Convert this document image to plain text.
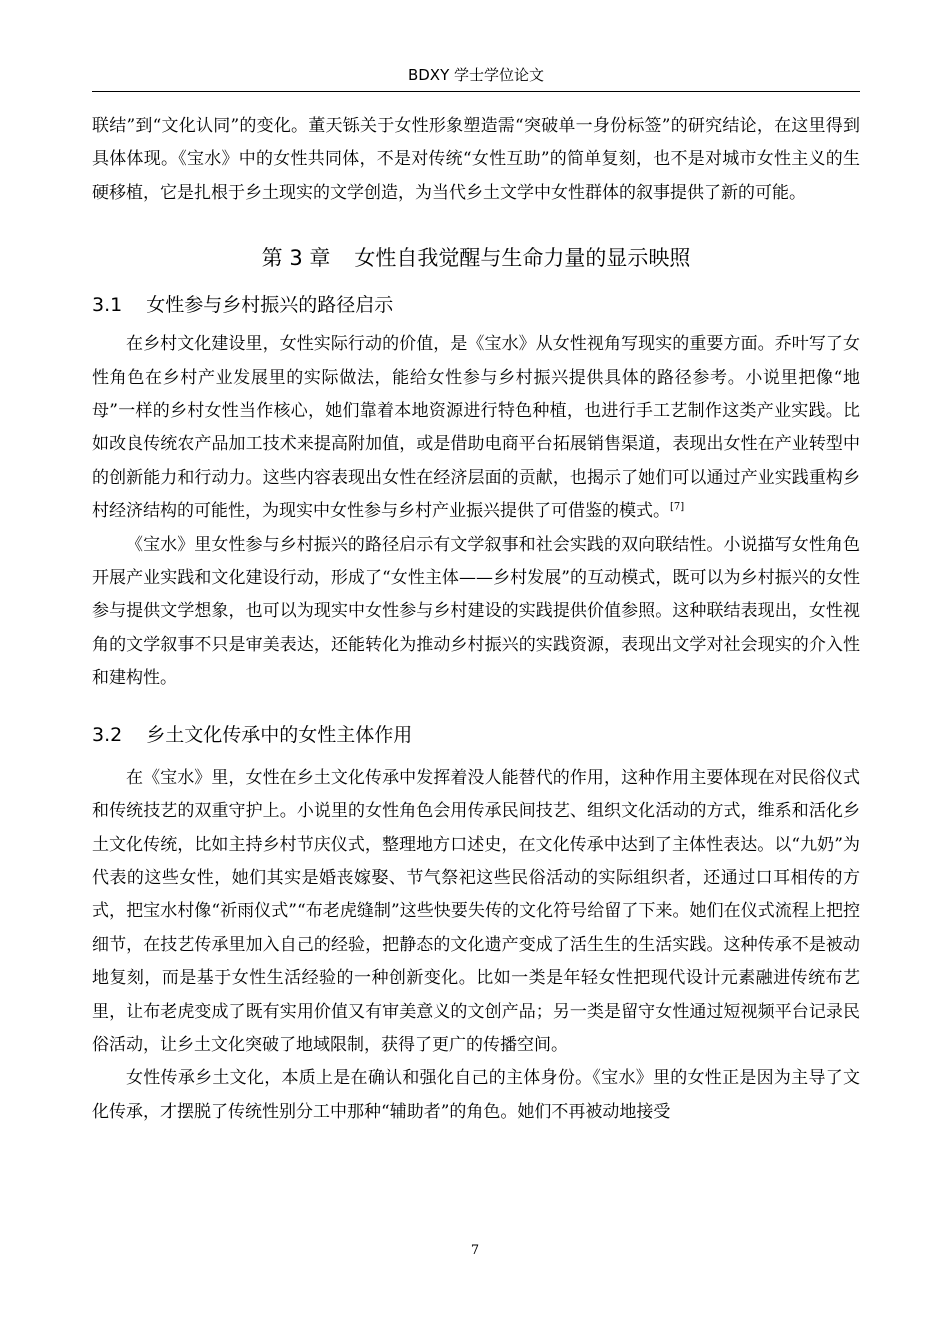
BDXY 学士学位论文

联结”到“文化认同”的变化。董天铄关于女性形象塑造需“突破单一身份标签”的研究结论，在这里得到具体体现。《宝水》中的女性共同体，不是对传统“女性互助”的简单复刻，也不是对城市女性主义的生硬移植，它是扎根于乡土现实的文学创造，为当代乡土文学中女性群体的叙事提供了新的可能。

第 3 章 女性自我觉醒与生命力量的显示映照
3.1 女性参与乡村振兴的路径启示

在乡村文化建设里，女性实际行动的价值，是《宝水》从女性视角写现实的重要方面。乔叶写了女性角色在乡村产业发展里的实际做法，能给女性参与乡村振兴提供具体的路径参考。小说里把像“地母”一样的乡村女性当作核心，她们靠着本地资源进行特色种植，也进行手工艺制作这类产业实践。比如改良传统农产品加工技术来提高附加值，或是借助电商平台拓展销售渠道，表现出女性在产业转型中的创新能力和行动力。这些内容表现出女性在经济层面的贡献，也揭示了她们可以通过产业实践重构乡村经济结构的可能性，为现实中女性参与乡村产业振兴提供了可借鉴的模式。[7]

《宝水》里女性参与乡村振兴的路径启示有文学叙事和社会实践的双向联结性。小说描写女性角色开展产业实践和文化建设行动，形成了“女性主体——乡村发展”的互动模式，既可以为乡村振兴的女性参与提供文学想象，也可以为现实中女性参与乡村建设的实践提供价值参照。这种联结表现出，女性视角的文学叙事不只是审美表达，还能转化为推动乡村振兴的实践资源，表现出文学对社会现实的介入性和建构性。

3.2 乡土文化传承中的女性主体作用

在《宝水》里，女性在乡土文化传承中发挥着没人能替代的作用，这种作用主要体现在对民俗仪式和传统技艺的双重守护上。小说里的女性角色会用传承民间技艺、组织文化活动的方式，维系和活化乡土文化传统，比如主持乡村节庆仪式，整理地方口述史，在文化传承中达到了主体性表达。以“九奶”为代表的这些女性，她们其实是婚丧嫁娶、节气祭祀这些民俗活动的实际组织者，还通过口耳相传的方式，把宝水村像“祈雨仪式”“布老虎缝制”这些快要失传的文化符号给留了下来。她们在仪式流程上把控细节，在技艺传承里加入自己的经验，把静态的文化遗产变成了活生生的生活实践。这种传承不是被动地复刻，而是基于女性生活经验的一种创新变化。比如一类是年轻女性把现代设计元素融进传统布艺里，让布老虎变成了既有实用价值又有审美意义的文创产品；另一类是留守女性通过短视频平台记录民俗活动，让乡土文化突破了地域限制，获得了更广的传播空间。

女性传承乡土文化，本质上是在确认和强化自己的主体身份。《宝水》里的女性正是因为主导了文化传承，才摆脱了传统性别分工中那种“辅助者”的角色。她们不再被动地接受

7
